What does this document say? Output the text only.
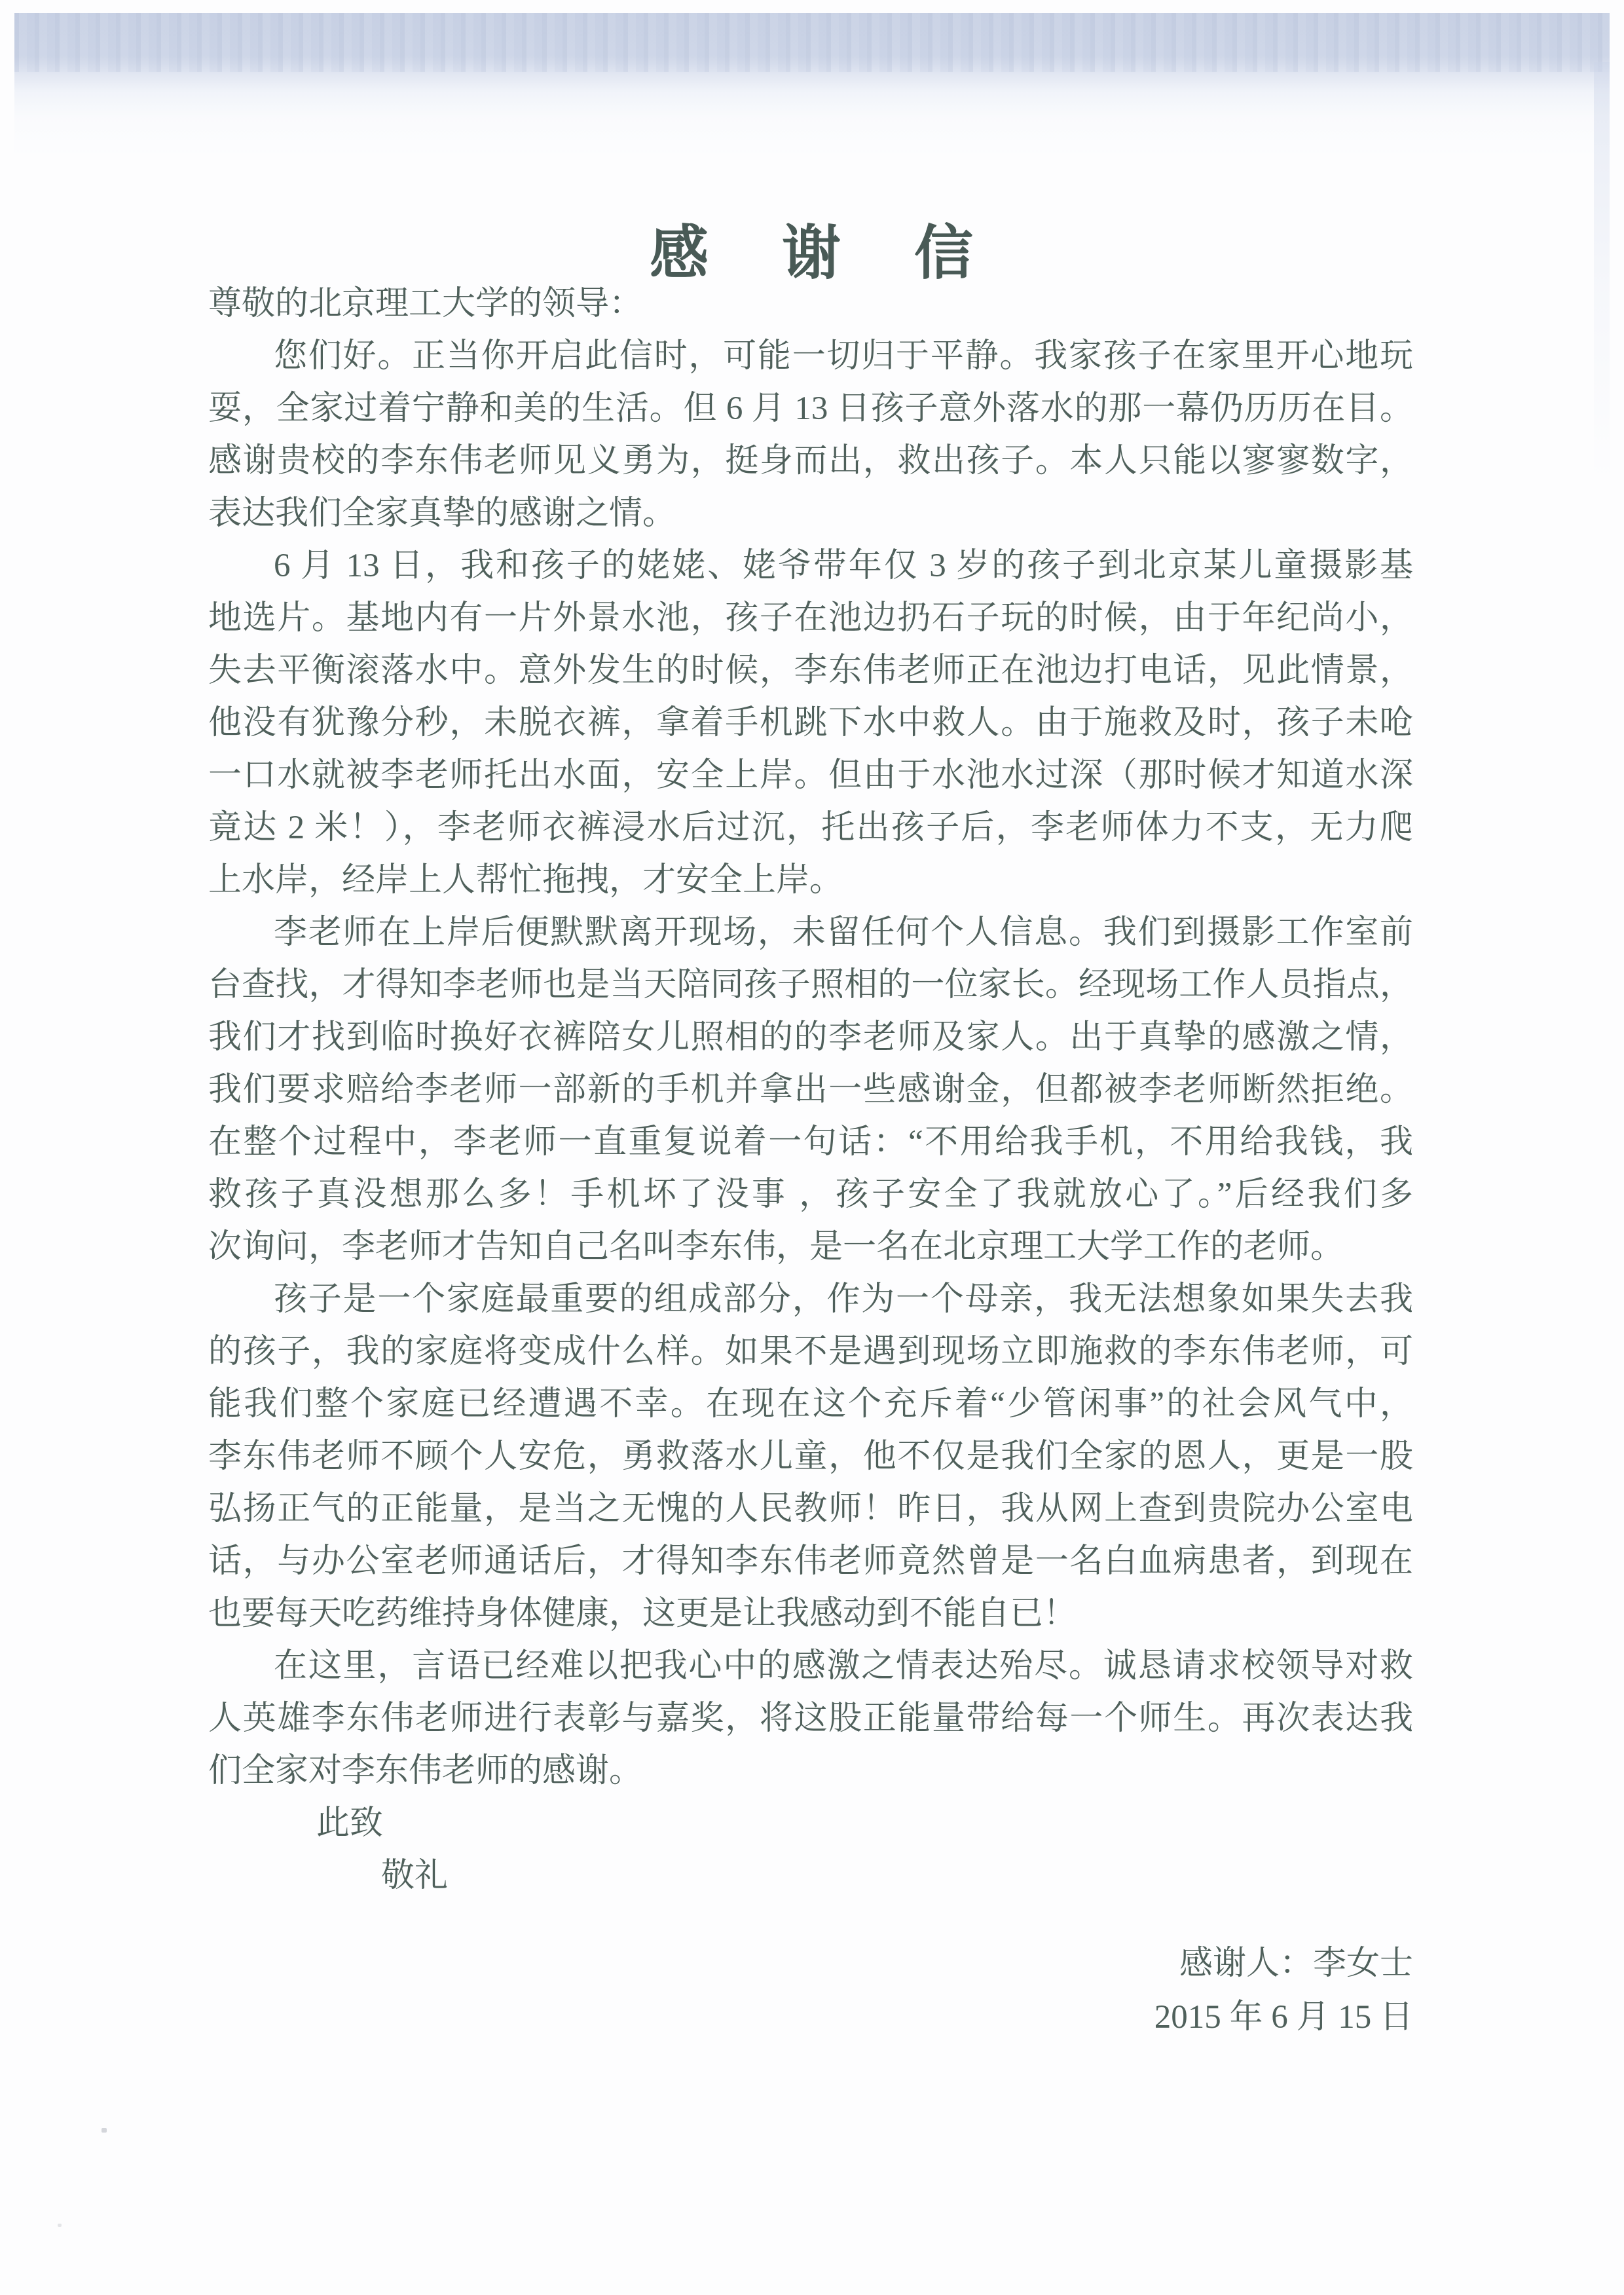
感 谢 信
尊敬的北京理工大学的领导：
您们好。正当你开启此信时，可能一切归于平静。我家孩子在家里开心地玩
耍，全家过着宁静和美的生活。但 6 月 13 日孩子意外落水的那一幕仍历历在目。
感谢贵校的李东伟老师见义勇为，挺身而出，救出孩子。本人只能以寥寥数字，
表达我们全家真挚的感谢之情。
6 月 13 日，我和孩子的姥姥、姥爷带年仅 3 岁的孩子到北京某儿童摄影基
地选片。基地内有一片外景水池，孩子在池边扔石子玩的时候，由于年纪尚小，
失去平衡滚落水中。意外发生的时候，李东伟老师正在池边打电话，见此情景，
他没有犹豫分秒，未脱衣裤，拿着手机跳下水中救人。由于施救及时，孩子未呛
一口水就被李老师托出水面，安全上岸。但由于水池水过深（那时候才知道水深
竟达 2 米！），李老师衣裤浸水后过沉，托出孩子后，李老师体力不支，无力爬
上水岸，经岸上人帮忙拖拽，才安全上岸。
李老师在上岸后便默默离开现场，未留任何个人信息。我们到摄影工作室前
台查找，才得知李老师也是当天陪同孩子照相的一位家长。经现场工作人员指点，
我们才找到临时换好衣裤陪女儿照相的的李老师及家人。出于真挚的感激之情，
我们要求赔给李老师一部新的手机并拿出一些感谢金，但都被李老师断然拒绝。
在整个过程中，李老师一直重复说着一句话：“不用给我手机，不用给我钱，我
救孩子真没想那么多！手机坏了没事 ，孩子安全了我就放心了。”后经我们多
次询问，李老师才告知自己名叫李东伟，是一名在北京理工大学工作的老师。
孩子是一个家庭最重要的组成部分，作为一个母亲，我无法想象如果失去我
的孩子，我的家庭将变成什么样。如果不是遇到现场立即施救的李东伟老师，可
能我们整个家庭已经遭遇不幸。在现在这个充斥着“少管闲事”的社会风气中，
李东伟老师不顾个人安危，勇救落水儿童，他不仅是我们全家的恩人，更是一股
弘扬正气的正能量，是当之无愧的人民教师！昨日，我从网上查到贵院办公室电
话，与办公室老师通话后，才得知李东伟老师竟然曾是一名白血病患者，到现在
也要每天吃药维持身体健康，这更是让我感动到不能自已！
在这里，言语已经难以把我心中的感激之情表达殆尽。诚恳请求校领导对救
人英雄李东伟老师进行表彰与嘉奖，将这股正能量带给每一个师生。再次表达我
们全家对李东伟老师的感谢。
此致
敬礼
感谢人：李女士
2015 年 6 月 15 日
